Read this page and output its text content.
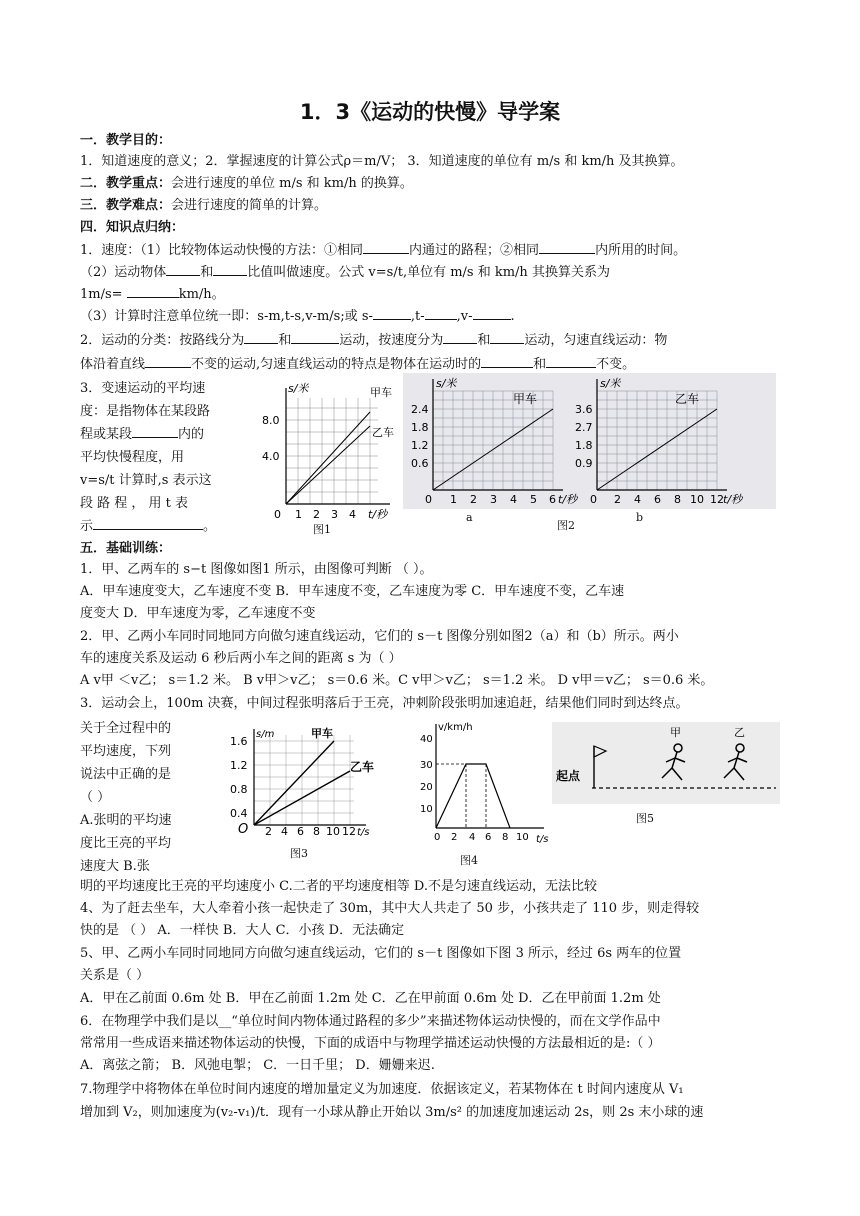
1．3《运动的快慢》导学案
一．教学目的：
1．知道速度的意义；2．掌握速度的计算公式ρ＝m/V； 3．知道速度的单位有 m/s 和 km/h 及其换算。
二．教学重点：会进行速度的单位 m/s 和 km/h 的换算。
三．教学难点：会进行速度的简单的计算。
四．知识点归纳：
1．速度：（1）比较物体运动快慢的方法：①相同	内通过的路程；②相同	内所用的时间。
（2）运动物体	和	比值叫做速度。公式 v=s/t,单位有 m/s 和 km/h 其换算关系为
1m/s=	km/h。
（3）计算时注意单位统一即：s-m,t-s,v-m/s;或 s-	,t- ,v-	.
2．运动的分类：按路线分为	和	运动，按速度分为	和	运动，匀速直线运动：物
体沿着直线	不变的运动,匀速直线运动的特点是物体在运动时的	和	不变。
3．变速运动的平均速
度：是指物体在某段路
程或某段	内的
平均快慢程度，用
v=s/t 计算时,s 表示这
段 路 程 ， 用 t 表
示	。
s/米
t/秒
4.0
8.0
0 1 2 3 4
甲车
乙车
图1
s/米
t/秒
2.4
1.8
1.2
0.6
0 1 2 3 4 5 6
甲车
s/米
t/秒
3.6
2.7
1.8
0.9
0 2 4 6 8 10 12
乙车
a
图2
b
五．基础训练：
1．甲、乙两车的 s−t 图像如图1 所示，由图像可判断 （ ）。
A．甲车速度变大，乙车速度不变 B．甲车速度不变，乙车速度为零 C．甲车速度不变，乙车速
度变大 D．甲车速度为零，乙车速度不变
2．甲、乙两小车同时同地同方向做匀速直线运动，它们的 s－t 图像分别如图2（a）和（b）所示。两小
车的速度关系及运动 6 秒后两小车之间的距离 s 为（ ）
A v甲 ＜v乙； s＝1.2 米。 B v甲＞v乙； s＝0.6 米。C v甲＞v乙； s＝1.2 米。 D v甲＝v乙； s＝0.6 米。
3．运动会上，100m 决赛，中间过程张明落后于王亮，冲刺阶段张明加速追赶，结果他们同时到达终点。
关于全过程中的
平均速度，下列
说法中正确的是
（ ）
A.张明的平均速
度比王亮的平均
速度大 B.张
s/m
1.6
1.2
0.8
0.4
O 2 4 6 8 10 12 t/s
甲车
乙车
图3
v/km/h
40
30
20
10
0 2 4 6 8 10 t/s
图4
起点
甲	乙
图5
明的平均速度比王亮的平均速度小 C.二者的平均速度相等 D.不是匀速直线运动，无法比较
4、为了赶去坐车，大人牵着小孩一起快走了 30m，其中大人共走了 50 步，小孩共走了 110 步，则走得较
快的是 （ ） A．一样快 B．大人 C．小孩 D．无法确定
5、甲、乙两小车同时同地同方向做匀速直线运动，它们的 s－t 图像如下图 3 所示，经过 6s 两车的位置
关系是（ ）
A．甲在乙前面 0.6m 处 B．甲在乙前面 1.2m 处 C．乙在甲前面 0.6m 处 D．乙在甲前面 1.2m 处
6．在物理学中我们是以__“单位时间内物体通过路程的多少”来描述物体运动快慢的，而在文学作品中
常常用一些成语来描述物体运动的快慢，下面的成语中与物理学描述运动快慢的方法最相近的是:（ ）
A．离弦之箭； B．风弛电掣； C．一日千里； D．姗姗来迟.
7.物理学中将物体在单位时间内速度的增加量定义为加速度．依据该定义，若某物体在 t 时间内速度从 V₁
增加到 V₂，则加速度为(v₂-v₁)/t．现有一小球从静止开始以 3m/s² 的加速度加速运动 2s，则 2s 末小球的速
